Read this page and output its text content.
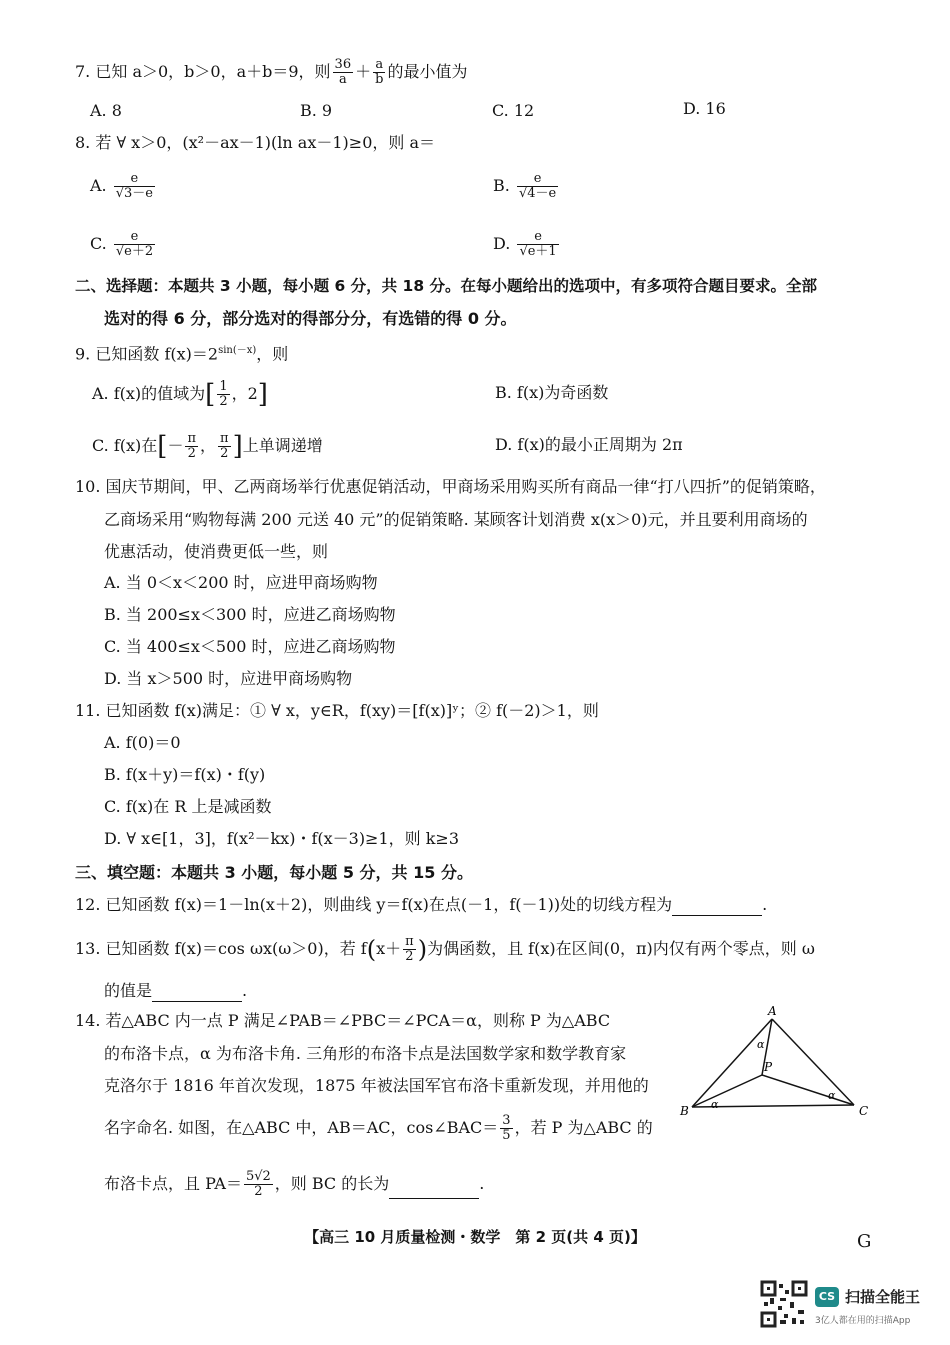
7. 已知 a＞0，b＞0，a＋b＝9，则 $\frac{36}{a} + \frac{a}{b}$ 的最小值为
A. 8	B. 9	C. 12	D. 16
8. 若 ∀ x＞0，(x²－ax－1)(ln ax－1)≥0，则 a＝
A. $\frac{e}{√3-e}$	B. $\frac{e}{√4-e}$
C. $\frac{e}{√e+2}$	D. $\frac{e}{√e+1}$
二、选择题：本题共 3 小题，每小题 6 分，共 18 分。在每小题给出的选项中，有多项符合题目要求。全部
选对的得 6 分，部分选对的得部分分，有选错的得 0 分。
9. 已知函数 $f(x)=2^{sin(-x)}$，则
A. f(x)的值域为[ $\frac{1}{2}$ ，2]	B. f(x)为奇函数
C. f(x)在[－ $\frac{\pi}{2}$ ， $\frac{\pi}{2}$ ]上单调递增	D. f(x)的最小正周期为 2π
10. 国庆节期间，甲、乙两商场举行优惠促销活动，甲商场采用购买所有商品一律“打八四折”的促销策略，
乙商场采用“购物每满 200 元送 40 元”的促销策略. 某顾客计划消费 x(x＞0)元，并且要利用商场的
优惠活动，使消费更低一些，则
A. 当 0＜x＜200 时，应进甲商场购物
B. 当 200≤x＜300 时，应进乙商场购物
C. 当 400≤x＜500 时，应进乙商场购物
D. 当 x＞500 时，应进甲商场购物
11. 已知函数 f(x)满足：① ∀ x，y∈R，f(xy)＝[f(x)]ʸ；② f(－2)＞1，则
A. f(0)＝0
B. f(x＋y)＝f(x)・f(y)
C. f(x)在 R 上是减函数
D. ∀ x∈[1，3]，f(x²－kx)・f(x－3)≥1，则 k≥3
三、填空题：本题共 3 小题，每小题 5 分，共 15 分。
12. 已知函数 f(x)＝1－ln(x＋2)，则曲线 y＝f(x)在点(－1，f(－1))处的切线方程为	.
13. 已知函数 f(x)＝cos ωx(ω＞0)，若 $f(x+ \frac{\pi}{2}$ )为偶函数，且 f(x)在区间(0，π)内仅有两个零点，则 ω
的值是	.
14. 若△ABC 内一点 P 满足∠PAB＝∠PBC＝∠PCA＝α，则称 P 为△ABC
的布洛卡点，α 为布洛卡角. 三角形的布洛卡点是法国数学家和数学教育家
克洛尔于 1816 年首次发现，1875 年被法国军官布洛卡重新发现，并用他的
名字命名. 如图，在△ABC 中，AB＝AC，cos∠BAC＝ $\frac{3}{5}$ ，若 P 为△ABC 的
布洛卡点，且 $PA= \frac{5√2}{2}$ ，则 BC 的长为	.
A
B	C
P
α
α
α
【高三 10 月质量检测・数学　第 2 页(共 4 页)】	G
CS 扫描全能王
3亿人都在用的扫描App
